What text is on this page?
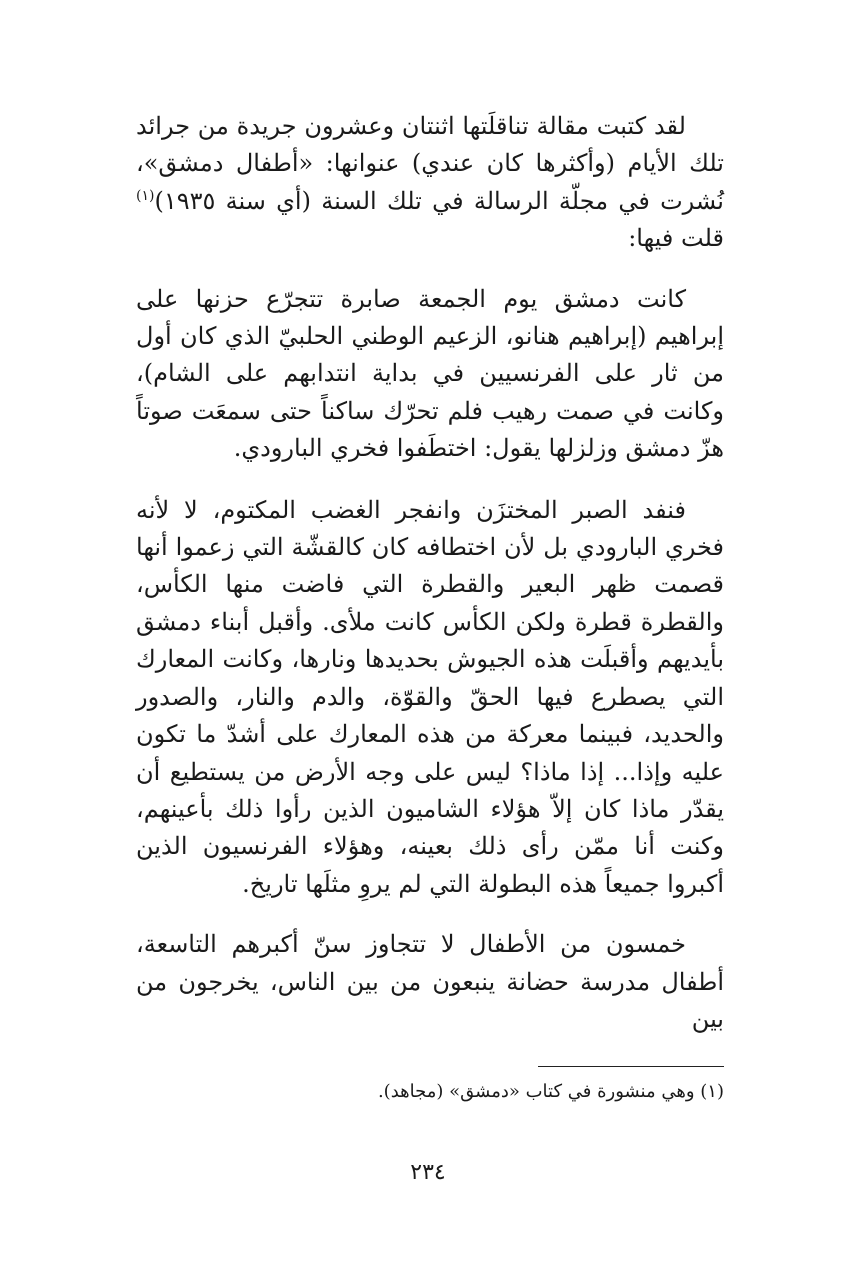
لقد كتبت مقالة تناقلَتها اثنتان وعشرون جريدة من جرائد تلك الأيام (وأكثرها كان عندي) عنوانها: «أطفال دمشق»، نُشرت في مجلّة الرسالة في تلك السنة (أي سنة ١٩٣٥)$^{(١)}$ قلت فيها:

كانت دمشق يوم الجمعة صابرة تتجرّع حزنها على إبراهيم (إبراهيم هنانو، الزعيم الوطني الحلبيّ الذي كان أول من ثار على الفرنسيين في بداية انتدابهم على الشام)، وكانت في صمت رهيب فلم تحرّك ساكناً حتى سمعَت صوتاً هزّ دمشق وزلزلها يقول: اختطَفوا فخري البارودي.

فنفد الصبر المختزَن وانفجر الغضب المكتوم، لا لأنه فخري البارودي بل لأن اختطافه كان كالقشّة التي زعموا أنها قصمت ظهر البعير والقطرة التي فاضت منها الكأس، والقطرة قطرة ولكن الكأس كانت ملأى. وأقبل أبناء دمشق بأيديهم وأقبلَت هذه الجيوش بحديدها ونارها، وكانت المعارك التي يصطرع فيها الحقّ والقوّة، والدم والنار، والصدور والحديد، فبينما معركة من هذه المعارك على أشدّ ما تكون عليه وإذا... إذا ماذا؟ ليس على وجه الأرض من يستطيع أن يقدّر ماذا كان إلاّ هؤلاء الشاميون الذين رأوا ذلك بأعينهم، وكنت أنا ممّن رأى ذلك بعينه، وهؤلاء الفرنسيون الذين أكبروا جميعاً هذه البطولة التي لم يروِ مثلَها تاريخ.

خمسون من الأطفال لا تتجاوز سنّ أكبرهم التاسعة، أطفال مدرسة حضانة ينبعون من بين الناس، يخرجون من بين

(١) وهي منشورة في كتاب «دمشق» (مجاهد).

٢٣٤
